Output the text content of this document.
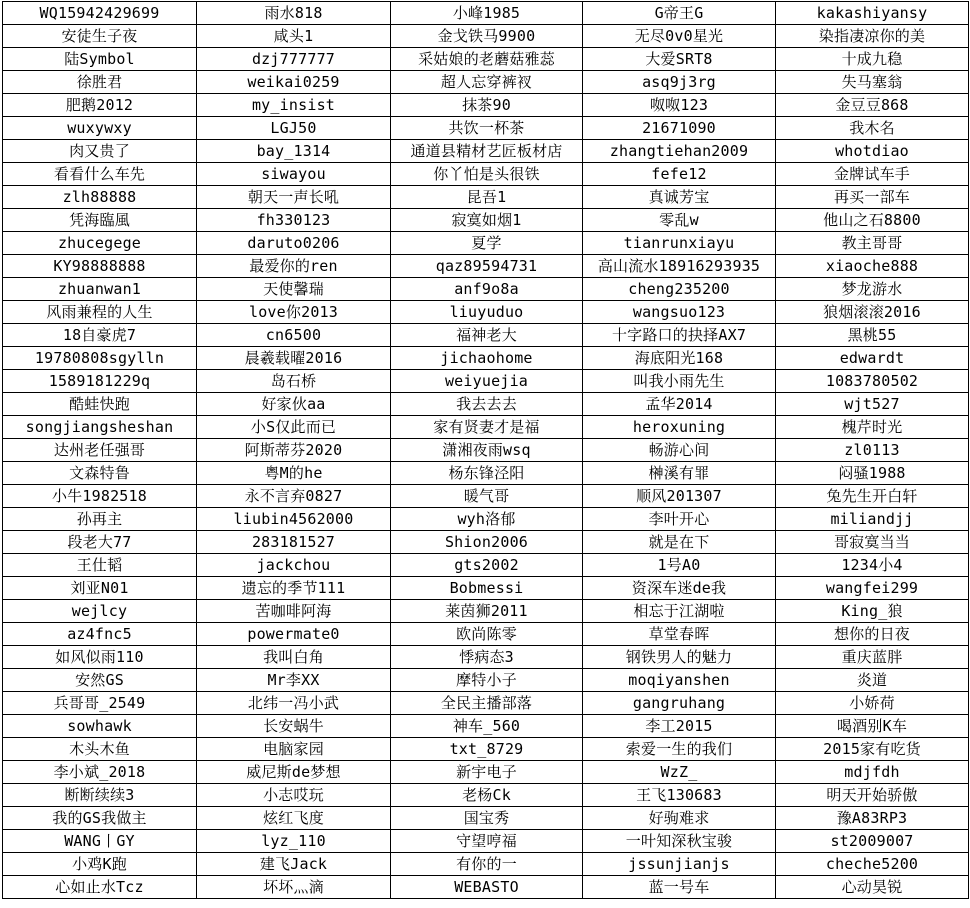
WQ15942429699	雨水818	小峰1985	G帝王G	kakashiyansy
安徒生子夜	咸头1	金戈铁马9900	无尽0v0星光	染指凄凉你的美
陆Symbol	dzj777777	采姑娘的老蘑菇雅蕊	大爱SRT8	十成九稳
徐胜君	weikai0259	超人忘穿裤衩	asq9j3rg	失马塞翁
肥鹅2012	my_insist	抹茶90	呶呶123	金豆豆868
wuxywxy	LGJ50	共饮一杯茶	21671090	我木名
肉又贵了	bay_1314	通道县精材艺匠板材店	zhangtiehan2009	whotdiao
看看什么车先	siwayou	你丫怕是头很铁	fefe12	金牌试车手
zlh88888	朝天一声长吼	昆吾1	真诚芳宝	再买一部车
凭海臨風	fh330123	寂寞如烟1	零乱w	他山之石8800
zhucegege	daruto0206	夏学	tianrunxiayu	教主哥哥
KY98888888	最爱你的ren	qaz89594731	高山流水18916293935	xiaoche888
zhuanwan1	天使馨瑞	anf9o8a	cheng235200	梦龙游水
风雨兼程的人生	love你2013	liuyuduo	wangsuo123	狼烟滚滚2016
18自豪虎7	cn6500	福神老大	十字路口的抉择AX7	黑桃55
19780808sgylln	晨羲载曜2016	jichaohome	海底阳光168	edwardt
1589181229q	岛石桥	weiyuejia	叫我小雨先生	1083780502
酷蛙快跑	好家伙aa	我去去去	孟华2014	wjt527
songjiangsheshan	小S仅此而已	家有贤妻才是福	heroxuning	槐芹时光
达州老任强哥	阿斯蒂芬2020	潇湘夜雨wsq	畅游心间	zl0113
文森特鲁	粤M的he	杨东锋泾阳	榊溪有罪	闷骚1988
小牛1982518	永不言弃0827	暖气哥	顺风201307	兔先生开白轩
孙再主	liubin4562000	wyh洛郁	李叶开心	miliandjj
段老大77	283181527	Shion2006	就是在下	哥寂寞当当
王仕韬	jackchou	gts2002	1号A0	1234小4
刘亚N01	遗忘的季节111	Bobmessi	资深车迷de我	wangfei299
wejlcy	苦咖啡阿海	莱茵狮2011	相忘于江湖啦	King_狼
az4fnc5	powermate0	欧尚陈零	草堂春晖	想你的日夜
如风似雨110	我叫白角	悸病态3	钢铁男人的魅力	重庆蓝胖
安然GS	Mr李XX	摩特小子	moqiyanshen	炎道
兵哥哥_2549	北纬一冯小武	全民主播部落	gangruhang	小娇荷
sowhawk	长安蜗牛	神车_560	李工2015	喝酒别K车
木头木鱼	电脑家园	txt_8729	索爱一生的我们	2015家有吃货
李小斌_2018	威尼斯de梦想	新宇电子	WzZ_	mdjfdh
断断续续3	小志哎玩	老杨Ck	王飞130683	明天开始骄傲
我的GS我做主	炫红飞度	国宝秀	好驹难求	豫A83RP3
WANG丨GY	lyz_110	守望哼福	一叶知深秋宝骏	st2009007
小鸡K跑	建飞Jack	有你的一	jssunjianjs	cheche5200
心如止水Tcz	坏坏灬滴	WEBASTO	蓝一号车	心动昊锐
